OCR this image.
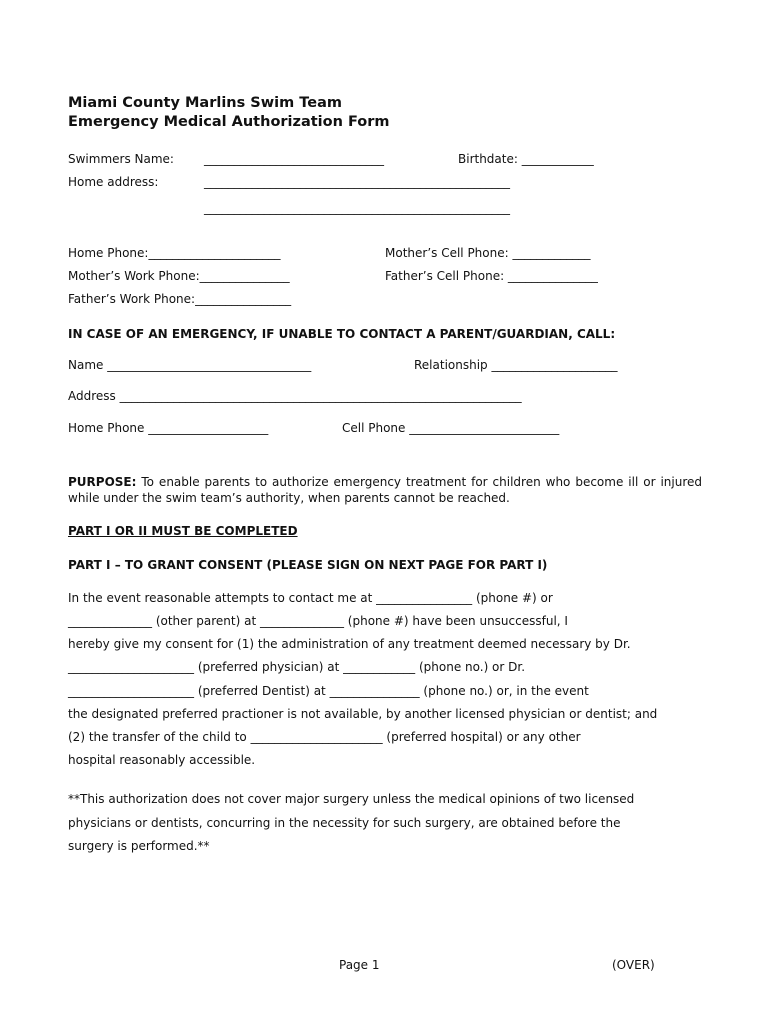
Miami County Marlins Swim Team
Emergency Medical Authorization Form
Swimmers Name:	______________________________	Birthdate: ____________
Home address:	___________________________________________________
___________________________________________________
Home Phone:______________________	Mother’s Cell Phone: _____________
Mother’s Work Phone:_______________	Father’s Cell Phone: _______________
Father’s Work Phone:________________
IN CASE OF AN EMERGENCY, IF UNABLE TO CONTACT A PARENT/GUARDIAN, CALL:
Name __________________________________	Relationship _____________________
Address ___________________________________________________________________
Home Phone ____________________	Cell Phone _________________________
PURPOSE: To enable parents to authorize emergency treatment for children who become ill or injured while under the swim team’s authority, when parents cannot be reached.
PART I OR II MUST BE COMPLETED
PART I – TO GRANT CONSENT (PLEASE SIGN ON NEXT PAGE FOR PART I)
In the event reasonable attempts to contact me at ________________ (phone #) or
______________ (other parent) at ______________ (phone #) have been unsuccessful, I
hereby give my consent for (1) the administration of any treatment deemed necessary by Dr.
_____________________ (preferred physician) at ____________ (phone no.) or Dr.
_____________________ (preferred Dentist) at _______________ (phone no.) or, in the event
the designated preferred practioner is not available, by another licensed physician or dentist; and
(2) the transfer of the child to ______________________ (preferred hospital) or any other
hospital reasonably accessible.
**This authorization does not cover major surgery unless the medical opinions of two licensed
physicians or dentists, concurring in the necessity for such surgery, are obtained before the
surgery is performed.**
Page 1	(OVER)
